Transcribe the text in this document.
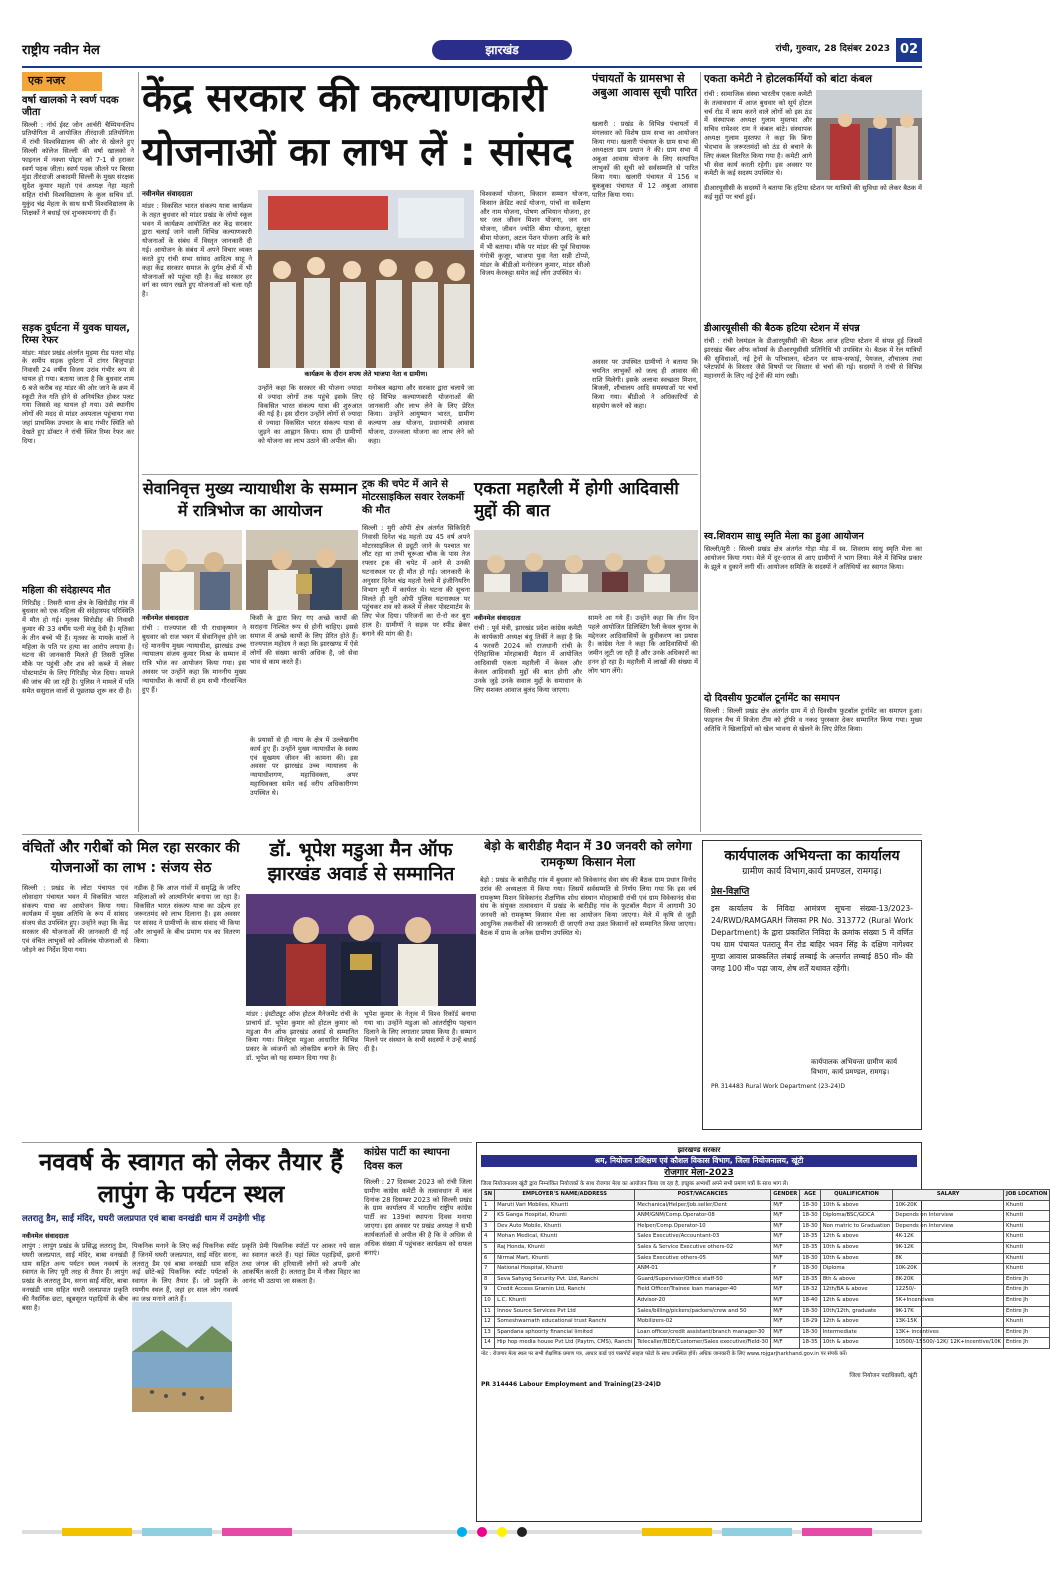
राष्ट्रीय नवीन मेल	झारखंड	रांची, गुरुवार, 28 दिसंबर 2023 02
एक नजर
वर्षा खालको ने स्वर्ण पदक जीता
सिल्ली : नॉर्थ ईस्ट जोन आर्चरी चैम्पियनशिप प्रतियोगिता में आयोजित तीरंदाजी प्रतियोगिता में रांची विश्वविद्यालय की ओर से खेलते हुए सिल्ली कॉलेज सिल्ली की वर्षा खालको ने फाइनल में नक्शा पोद्दार को 7-1 से हराकर स्वर्ण पदक जीता। स्वर्ण पदक जीतने पर बिरसा मुंडा तीरंदाजी अकादमी सिल्ली के मुख्य संरक्षक सुदेश कुमार महतो एवं अध्यक्ष नेहा महतो सहित रांची विश्वविद्यालय के कुल सचिव डॉ. मुकुंद चंद्र मेहता के साथ सभी विश्वविद्यालय के शिक्षकों ने बधाई एवं शुभकामनाएं दी हैं।
सड़क दुर्घटना में युवक घायल, रिम्स रेफर
मांडर: मांडर प्रखंड अंतर्गत मुड़मा रोड पतरा मोड़ के समीप सड़क दुर्घटना में टांगर बिजुपाड़ा निवासी 24 वर्षीय विजय उरांव गंभीर रूप से घायल हो गया। बताया जाता है कि बुधवार शाम 6 बजे करीब वह मांडर की ओर जाने के क्रम में स्कूटी तेज गति होने से अनियंत्रित होकर पलट गया जिससे वह घायल हो गया। उसे स्थानीय लोगों की मदद से मांडर अस्पताल पहुंचाया गया जहां प्राथमिक उपचार के बाद गंभीर स्थिति को देखते हुए डॉक्टर ने रांची स्थित रिम्स रेफर कर दिया।
महिला की संदेहास्पद मौत
गिरिडीह : तिसरी थाना क्षेत्र के खिरोडीह गांव में बुधवार को एक महिला की संदेहास्पद परिस्थिति में मौत हो गई। मृतका सिरोडीह की निवासी कुमार की 33 वर्षीय पत्नी मंजू देवी है। मृतिका के तीन बच्चे भी हैं। मृतका के मायके वालों ने महिला के पति पर हत्या का आरोप लगाया है। घटना की जानकारी मिलते ही तिसरी पुलिस मौके पर पहुंची और शव को कब्जे में लेकर पोस्टमार्टम के लिए गिरिडीह भेज दिया। मामले की जांच की जा रही है। पुलिस ने मामले में पति समेत ससुराल वालों से पूछताछ शुरू कर दी है।
केंद्र सरकार की कल्याणकारी योजनाओं का लाभ लें : सांसद
नवीनमेल संवाददाता
मांडर : विकसित भारत संकल्प यात्रा कार्यक्रम के तहत बुधवार को मांडर प्रखंड के लोयो स्कूल भवन में कार्यक्रम आयोजित कर केंद्र सरकार द्वारा चलाई जाने वाली विभिन्न कल्याणकारी योजनाओं के संबंध में विस्तृत जानकारी दी गई। आयोजन के संबंध में अपने विचार व्यक्त करते हुए रांची सभा सांसद आदित्य साहू ने कहा केंद्र सरकार समाज के दुर्गम क्षेत्रों में भी योजनाओं को पहुंचा रही है। केंद्र सरकार हर वर्ग का ध्यान रखते हुए योजनाओं को चला रही है।
कार्यक्रम के दौरान शपथ लेते भाजपा नेता व ग्रामीण।
उन्होंने कहा कि सरकार की योजना ज्यादा से ज्यादा लोगों तक पहुंचे इसके लिए विकसित भारत संकल्प यात्रा की शुरुआत की गई है। इस दौरान उन्होंने लोगों से ज्यादा से ज्यादा विकसित भारत संकल्प यात्रा से जुड़ने का आह्वान किया। साथ ही ग्रामीणों को योजना का लाभ उठाने की अपील की।
मनोबल बढ़ाया और सरकार द्वारा चलाये जा रहे विभिन्न कल्याणकारी योजनाओं की जानकारी और लाभ लेने के लिए प्रेरित किया। उन्होंने आयुष्मान भारत, ग्रामीण कल्याण अन्न योजना, प्रधानमंत्री आवास योजना, उज्ज्वला योजना का लाभ लेने को कहा।
विश्वकर्मा योजना, किसान सम्मान योजना, किसान क्रेडिट कार्ड योजना, पांचों वा सर्वेक्षण और नाम योजना, पोषण अभियान योजना, हर घर जल जीवन मिशन योजना, जन धन योजना, जीवन ज्योति बीमा योजना, सुरक्षा बीमा योजना, अटल पेंशन योजना आदि के बारे में भी बताया। मौके पर मांडर की पूर्व विधायक गंगोत्री कुजूर, भाजपा युवा नेता सन्नी टोप्पो, मांडर के बीडीओ मनोरंजन कुमार, मांडर सीओ विजय केरकट्टा समेत कई लोग उपस्थित थे।
पंचायतों के ग्रामसभा से अबुआ आवास सूची पारित
खलारी : प्रखंड के विभिन्न पंचायतों में मंगलवार को विशेष ग्राम सभा का आयोजन किया गया। खलारी पंचायत के ग्राम सभा की अध्यक्षता ग्राम प्रधान ने की। ग्राम सभा में अबुआ आवास योजना के लिए सत्यापित लाभुकों की सूची को सर्वसम्मति से पारित किया गया। खलारी पंचायत में 156 व बुकबुका पंचायत में 12 अबुआ आवास पारित किया गया।
अवसर पर उपस्थित ग्रामीणों ने बताया कि चयनित लाभुकों को जल्द ही आवास की राशि मिलेगी। इसके अलावा स्वच्छता मिशन, बिजली, शौचालय आदि समस्याओं पर चर्चा किया गया। बीडीओ ने अधिकारियों से सहयोग करने को कहा।
एकता कमेटी ने होटलकर्मियों को बांटा कंबल
रांची : सामाजिक संस्था भारतीय एकता कमेटी के तत्वावधान में आज बुधवार को सूर्य होटल चर्च रोड में काम करने वाले लोगों को इस ठंड में संस्थापक अध्यक्ष गुलाम मुस्तफा और सचिव रामेश्वर राम ने कंबल बांटे। संस्थापक अध्यक्ष गुलाम मुस्तफा ने कहा कि बिना भेदभाव के जरूरतमंदों को ठंड से बचाने के लिए कंबल वितरित किया गया है। कमेटी आगे भी सेवा कार्य करती रहेगी। इस अवसर पर कमेटी के कई सदस्य उपस्थित थे।
डीआरयूसीसी के सदस्यों ने बताया कि हटिया स्टेशन पर यात्रियों की सुविधा को लेकर बैठक में कई मुद्दों पर चर्चा हुई।
डीआरयूसीसी की बैठक हटिया स्टेशन में संपन्न
रांची : रांची रेलमंडल के डीआरयूसीसी की बैठक आज हटिया स्टेशन में संपन्न हुई जिसमें झारखंड चैंबर ऑफ कॉमर्स के डीआरयूसीसी प्रतिनिधि भी उपस्थित थे। बैठक में रेल यात्रियों की सुविधाओं, नई ट्रेनों के परिचालन, स्टेशन पर साफ-सफाई, पेयजल, शौचालय तथा प्लेटफॉर्म के विस्तार जैसे विषयों पर विस्तार से चर्चा की गई। सदस्यों ने रांची से विभिन्न महानगरों के लिए नई ट्रेनों की मांग रखी।
स्व.शिवराम साधु स्मृति मेला का हुआ आयोजन
सिल्ली/मुरी : सिल्ली प्रखंड क्षेत्र अंतर्गत गोड़ा मोड़ में स्व. शिवराम साधु स्मृति मेला का आयोजन किया गया। मेले में दूर-दराज से आए ग्रामीणों ने भाग लिया। मेले में विभिन्न प्रकार के झूले व दुकानें लगी थीं। आयोजन समिति के सदस्यों ने अतिथियों का स्वागत किया।
दो दिवसीय फुटबॉल टूर्नामेंट का समापन
सिल्ली : सिल्ली प्रखंड क्षेत्र अंतर्गत ग्राम में दो दिवसीय फुटबॉल टूर्नामेंट का समापन हुआ। फाइनल मैच में विजेता टीम को ट्रॉफी व नकद पुरस्कार देकर सम्मानित किया गया। मुख्य अतिथि ने खिलाड़ियों को खेल भावना से खेलने के लिए प्रेरित किया।
सेवानिवृत्त मुख्य न्यायाधीश के सम्मान में रात्रिभोज का आयोजन
नवीनमेल संवाददाता
रांची : राज्यपाल सी पी राधाकृष्णन ने बुधवार को राज भवन में सेवानिवृत्त होने जा रहे माननीय मुख्य न्यायाधीश, झारखंड उच्च न्यायालय संजय कुमार मिश्रा के सम्मान में रात्रि भोज का आयोजन किया गया। इस अवसर पर उन्होंने कहा कि माननीय मुख्य न्यायाधीश के कार्यों से हम सभी गौरवान्वित हुए हैं।
किसी के द्वारा किए गए अच्छे कार्यों की सराहना निश्चित रूप से होनी चाहिए। इससे समाज में अच्छे कार्यों के लिए प्रेरित होते हैं। राज्यपाल महोदय ने कहा कि झारखण्ड में ऐसे लोगों की संख्या काफी अधिक है, जो सेवा भाव से काम करते हैं।
के प्रयासों से ही न्याय के क्षेत्र में उल्लेखनीय कार्य हुए हैं। उन्होंने मुख्य न्यायाधीश के स्वस्थ एवं सुखमय जीवन की कामना की। इस अवसर पर झारखंड उच्च न्यायालय के न्यायाधीशगण, महाधिवक्ता, अपर महाधिवक्ता समेत कई वरीय अधिकारीगण उपस्थित थे।
ट्रक की चपेट में आने से मोटरसाइकिल सवार रेलकर्मी की मौत
सिल्ली : मुरी ओपी क्षेत्र अंतर्गत सिकिदिरी निवासी दिनेश चंद्र महतो उम्र 45 वर्ष अपने मोटरसाइकिल से ड्यूटी जाने के पश्चात घर लौट रहा था तभी चूरूआ चौक के पास तेज रफ्तार ट्रक की चपेट में आने से उनकी घटनास्थल पर ही मौत हो गई। जानकारी के अनुसार दिनेश चंद्र महतो रेलवे में इंजीनियरिंग विभाग मुरी में कार्यरत थे। घटना की सूचना मिलते ही मुरी ओपी पुलिस घटनास्थल पर पहुंचकर शव को कब्जे में लेकर पोस्टमार्टम के लिए भेज दिया। परिजनों का रो-रो कर बुरा हाल है। ग्रामीणों ने सड़क पर स्पीड ब्रेकर बनाने की मांग की है।
एकता महारैली में होगी आदिवासी मुद्दों की बात
नवीनमेल संवाददाता
रांची : पूर्व मंत्री, झारखंड प्रदेश कांग्रेस कमेटी के कार्यकारी अध्यक्ष बंधु तिर्की ने कहा है कि 4 फरवरी 2024 को राजधानी रांची के ऐतिहासिक मोरहाबादी मैदान में आयोजित आदिवासी एकता महारैली में केवल और केवल आदिवासी मुद्दों की बात होगी और उनके जुड़े उनके सवाल मुद्दों के समाधान के लिए सशक्त आवाज बुलंद किया जाएगा।
सामने आ गये हैं। उन्होंने कहा कि तीन दिन पहले आयोजित डिलिस्टिंग रैली केवल चुनाव के मद्देनजर आदिवासियों के ध्रुवीकरण का प्रयास है। कांग्रेस नेता ने कहा कि आदिवासियों की जमीन लूटी जा रही है और उनके अधिकारों का हनन हो रहा है। महारैली में लाखों की संख्या में लोग भाग लेंगे।
वंचितों और गरीबों को मिल रहा सरकार की योजनाओं का लाभ : संजय सेठ
सिल्ली : प्रखंड के लोटा पंचायत एवं लोवादाग पंचायत भवन में विकसित भारत संकल्प यात्रा का आयोजन किया गया। कार्यक्रम में मुख्य अतिथि के रूप में सांसद संजय सेठ उपस्थित हुए। उन्होंने कहा कि केंद्र सरकार की योजनाओं की जानकारी दी गई एवं वंचित लाभुकों को अविलंब योजनाओं से जोड़ने का निर्देश दिया गया।
नडीक है कि आज गांवों में समृद्धि के जरिए महिलाओं को आत्मनिर्भर बनाया जा रहा है। विकसित भारत संकल्प यात्रा का उद्देश्य हर जरूरतमंद को लाभ दिलाना है। इस अवसर पर सांसद ने ग्रामीणों के साथ संवाद भी किया और लाभुकों के बीच प्रमाण पत्र का वितरण किया।
डॉ. भूपेश मडुआ मैन ऑफ झारखंड अवार्ड से सम्मानित
मांडर : इंस्टीट्यूट ऑफ होटल मैनेजमेंट रांची के प्राचार्य डॉ. भूपेश कुमार को होटल कुमार को मडुआ मैन ऑफ झारखंड अवार्ड से सम्मानित किया गया। मिलेट्स मडुआ आधारित विभिन्न प्रकार के व्यंजनों को लोकप्रिय बनाने के लिए डॉ. भूपेश को यह सम्मान दिया गया है।
भूपेश कुमार के नेतृत्व में विश्व रिकॉर्ड बनाया गया था। उन्होंने मडुआ को आंतर्राष्ट्रीय पहचान दिलाने के लिए लगातार प्रयास किया है। सम्मान मिलने पर संस्थान के सभी सदस्यों ने उन्हें बधाई दी है।
बेड़ो के बारीडीह मैदान में 30 जनवरी को लगेगा रामकृष्ण किसान मेला
बेड़ो : प्रखंड के बारीडीह गांव में बुधवार को विवेकानंद सेवा संघ की बैठक ग्राम प्रधान विनोद उरांव की अध्यक्षता में किया गया। जिसमें सर्वसम्मति से निर्णय लिया गया कि इस वर्ष रामकृष्ण मिशन विवेकानंद शैक्षणिक शोध संस्थान मोरहाबादी रांची एवं ग्राम विवेकानंद सेवा संघ के संयुक्त तत्वावधान में प्रखंड के बारीडीह गांव के फुटबॉल मैदान में आगामी 30 जनवरी को रामकृष्ण किसान मेला का आयोजन किया जाएगा। मेले में कृषि से जुड़ी आधुनिक तकनीकों की जानकारी दी जाएगी तथा उन्नत किसानों को सम्मानित किया जाएगा। बैठक में ग्राम के अनेक ग्रामीण उपस्थित थे।
कार्यपालक अभियन्ता का कार्यालय
ग्रामीण कार्य विभाग,कार्य प्रमण्डल, रामगढ़।
प्रेस-विज्ञप्ति
इस कार्यालय के निविदा आमंत्रण सूचना संख्या-13/2023-24/RWD/RAMGARH जिसका PR No. 313772 (Rural Work Department) के द्वारा प्रकाशित निविदा के क्रमांक संख्या 5 में वर्णित पथ ग्राम पंचायत पतरातू मैन रोड बाहिर भवन सिंह के दक्षिण नागेश्वर मुण्डा आवास प्राक्कलित लंबाई लम्बाई के अन्तर्गत लम्बाई 850 मी० की जगह 100 मी० पढ़ा जाय, शेष शर्तें यथावत रहेंगी।
कार्यपालक अभियन्ता ग्रामीण कार्य विभाग, कार्य प्रमण्डल, रामगढ़।
PR 314483 Rural Work Department (23-24)D
कांग्रेस पार्टी का स्थापना दिवस कल
सिल्ली : 27 दिसम्बर 2023 को रांची जिला ग्रामीण कांग्रेस कमेटी के तत्वावधान में कल दिनांक 28 दिसम्बर 2023 को सिल्ली प्रखंड के ग्राम कार्यालय में भारतीय राष्ट्रीय कांग्रेस पार्टी का 139वां स्थापना दिवस मनाया जाएगा। इस अवसर पर प्रखंड अध्यक्ष ने सभी कार्यकर्ताओं से अपील की है कि वे अधिक से अधिक संख्या में पहुंचकर कार्यक्रम को सफल बनाएं।
नववर्ष के स्वागत को लेकर तैयार हैं लापुंग के पर्यटन स्थल
लतरातु डैम, साईं मंदिर, घघरी जलप्रपात एवं बाबा वनखंडी धाम में उमड़ेगी भीड़
नवीनमेल संवाददाता
लापुंग : लापुंग प्रखंड के प्रसिद्ध लतरातु डैम, घघरी जलप्रपात, साईं मंदिर, बाबा वनखंडी धाम सहित अन्य पर्यटन स्थल नववर्ष के स्वागत के लिए पूरी तरह से तैयार हैं। लापुंग प्रखंड के लतरातु डैम, सरना साईं मंदिर, बाबा वनखंडी धाम सहित घघरी जलप्रपात प्रकृति की नैसर्गिक छटा, खूबसूरत पहाड़ियों के बीच बसा है।
पिकनिक मनाने के लिए कई पिकनिक स्पॉट हैं जिनमें घघरी जलप्रपात, साईं मंदिर सरना, लतरातु डैम एवं बाबा वनखंडी धाम सहित कई छोटे-बड़े पिकनिक स्पॉट पर्यटकों के स्वागत के लिए तैयार हैं। जो प्रकृति के रमणीय स्थल हैं, जहां हर साल लोग नववर्ष का जश्न मनाने आते हैं।
प्रकृति प्रेमी पिकनिक स्पॉटों पर आकर नये साल का स्वागत करते हैं। यहां स्थित पहाड़ियों, झरनों तथा जंगल की हरियाली लोगों को अपनी ओर आकर्षित करती है। लतरातु डैम में नौका विहार का आनंद भी उठाया जा सकता है।
झारखण्ड सरकार
श्रम, नियोजन प्रशिक्षण एवं कौशल विकास विभाग, जिला नियोजनालय, खूंटी
रोजगार मेला-2023
जिला नियोजनालय खूंटी द्वारा निम्नांकित नियोजकों के साथ रोजगार मेला का आयोजन किया जा रहा है, इच्छुक अभ्यर्थी अपने सभी प्रमाण पत्रों के साथ भाग लें।
SN	EMPLOYER'S NAME/ADDRESS	POST/VACANCIES	GENDER	AGE	QUALIFICATION	SALARY	JOB LOCATION
1	Maruti Vari Mobiles, Khunti	Mechanical/Helper/Job.seller/Dent	M/F	18-30	10th & above	10K-20K	Khunti
2	KS Ganga Hospital, Khunti	ANM/GNM/Comp.Operator-08	M/F	18-30	Diploma/BSC/GDCA	Depends on Interview	Khunti
3	Dev Auto Mobile, Khunti	Helper/Comp.Operator-10	M/F	18-30	Non matric to Graduation	Depends on Interview	Khunti
4	Mohan Medical, Khunti	Sales Executive/Accountant-03	M/F	18-35	12th & above	4K-12K	Khunti
5	Raj Honda, Khunti	Sales & Service Executive others-02	M/F	18-35	10th & above	9K-12K	Khunti
6	Nirmal Mart, Khunti	Sales Executive others-05	M/F	18-30	10th & above	8K	Khunti
7	National Hospital, Khunti	ANM-01	F	18-30	Diploma	10K-20K	Khunti
8	Seva Sahyog Security Pvt. Ltd, Ranchi	Guard/Supervisor/Office staff-50	M/F	18-35	8th & above	8K-20K	Entire Jh
9	Credit Access Gramin Ltd, Ranchi	Field Officer/Trainee loan manager-40	M/F	18-32	12th/BA & above	12250/-	Entire Jh
10	L.C. Khunti	Advisor-20	M/F	18-40	12th & above	5K+Incentives	Entire Jh
11	Innov Source Services Pvt Ltd	Sales/billing/pickers/packers/crew and 50	M/F	18-30	10th/12th, graduate	9K-17K	Entire Jh
12	Someshwarnath educational trust Ranchi	Mobilizers-02	M/F	18-29	12th & above	13K-15K	Khunti
13	Spandana sphoorty financial limited	Loan officer/credit assistant/branch manager-30	M/F	18-30	Intermediate	13K+ incentives	Entire Jh
14	Hip hop media house Pvt Ltd (Paytm, CMS), Ranchi	Telecaller/BDE/Customer/Sales executive/Field-30	M/F	18-35	10th & above	10500/-15500/-12K/ 12K+incentive/10K	Entire Jh
नोट : रोजगार मेला स्थल पर सभी शैक्षणिक प्रमाण पत्र, आधार कार्ड एवं पासपोर्ट साइज फोटो के साथ उपस्थित होवें। अधिक जानकारी के लिए www.rojgarjharkhand.gov.in पर संपर्क करें।
जिला नियोजन पदाधिकारी, खूंटी
PR 314446 Labour Employment and Training(23-24)D
